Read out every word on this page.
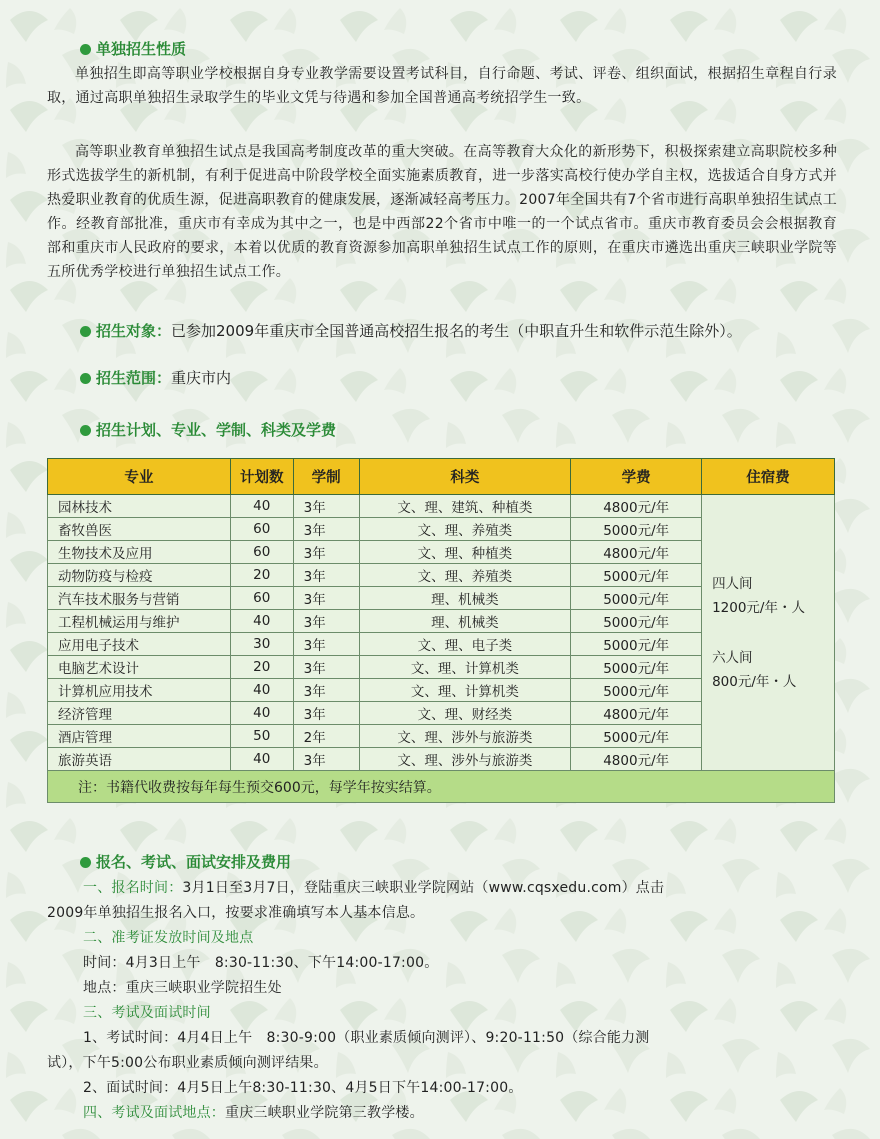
单独招生性质
单独招生即高等职业学校根据自身专业教学需要设置考试科目，自行命题、考试、评卷、组织面试，根据招生章程自行录取，通过高职单独招生录取学生的毕业文凭与待遇和参加全国普通高考统招学生一致。
高等职业教育单独招生试点是我国高考制度改革的重大突破。在高等教育大众化的新形势下，积极探索建立高职院校多种形式选拔学生的新机制，有利于促进高中阶段学校全面实施素质教育，进一步落实高校行使办学自主权，选拔适合自身方式并热爱职业教育的优质生源，促进高职教育的健康发展，逐渐减轻高考压力。2007年全国共有7个省市进行高职单独招生试点工作。经教育部批准，重庆市有幸成为其中之一，也是中西部22个省市中唯一的一个试点省市。重庆市教育委员会会根据教育部和重庆市人民政府的要求，本着以优质的教育资源参加高职单独招生试点工作的原则，在重庆市遴选出重庆三峡职业学院等五所优秀学校进行单独招生试点工作。
招生对象：已参加2009年重庆市全国普通高校招生报名的考生（中职直升生和软件示范生除外）。
招生范围：重庆市内
招生计划、专业、学制、科类及学费
专业	计划数	学制	科类	学费	住宿费
园林技术	40	3年	文、理、建筑、种植类	4800元/年	四人间
1200元/年・人
六人间
800元/年・人

畜牧兽医	60	3年	文、理、养殖类	5000元/年	
生物技术及应用	60	3年	文、理、种植类	4800元/年	
动物防疫与检疫	20	3年	文、理、养殖类	5000元/年	
汽车技术服务与营销	60	3年	理、机械类	5000元/年	
工程机械运用与维护	40	3年	理、机械类	5000元/年	
应用电子技术	30	3年	文、理、电子类	5000元/年	
电脑艺术设计	20	3年	文、理、计算机类	5000元/年	
计算机应用技术	40	3年	文、理、计算机类	5000元/年	
经济管理	40	3年	文、理、财经类	4800元/年	
酒店管理	50	2年	文、理、涉外与旅游类	5000元/年	
旅游英语	40	3年	文、理、涉外与旅游类	4800元/年	
注：书籍代收费按每年每生预交600元，每学年按实结算。					
报名、考试、面试安排及费用
一、报名时间：3月1日至3月7日，登陆重庆三峡职业学院网站（www.cqsxedu.com）点击
2009年单独招生报名入口，按要求准确填写本人基本信息。
二、准考证发放时间及地点
时间：4月3日上午　8:30-11:30、下午14:00-17:00。
地点：重庆三峡职业学院招生处
三、考试及面试时间
1、考试时间：4月4日上午　8:30-9:00（职业素质倾向测评）、9:20-11:50（综合能力测
试），下午5:00公布职业素质倾向测评结果。
2、面试时间：4月5日上午8:30-11:30、4月5日下午14:00-17:00。
四、考试及面试地点：重庆三峡职业学院第三教学楼。
